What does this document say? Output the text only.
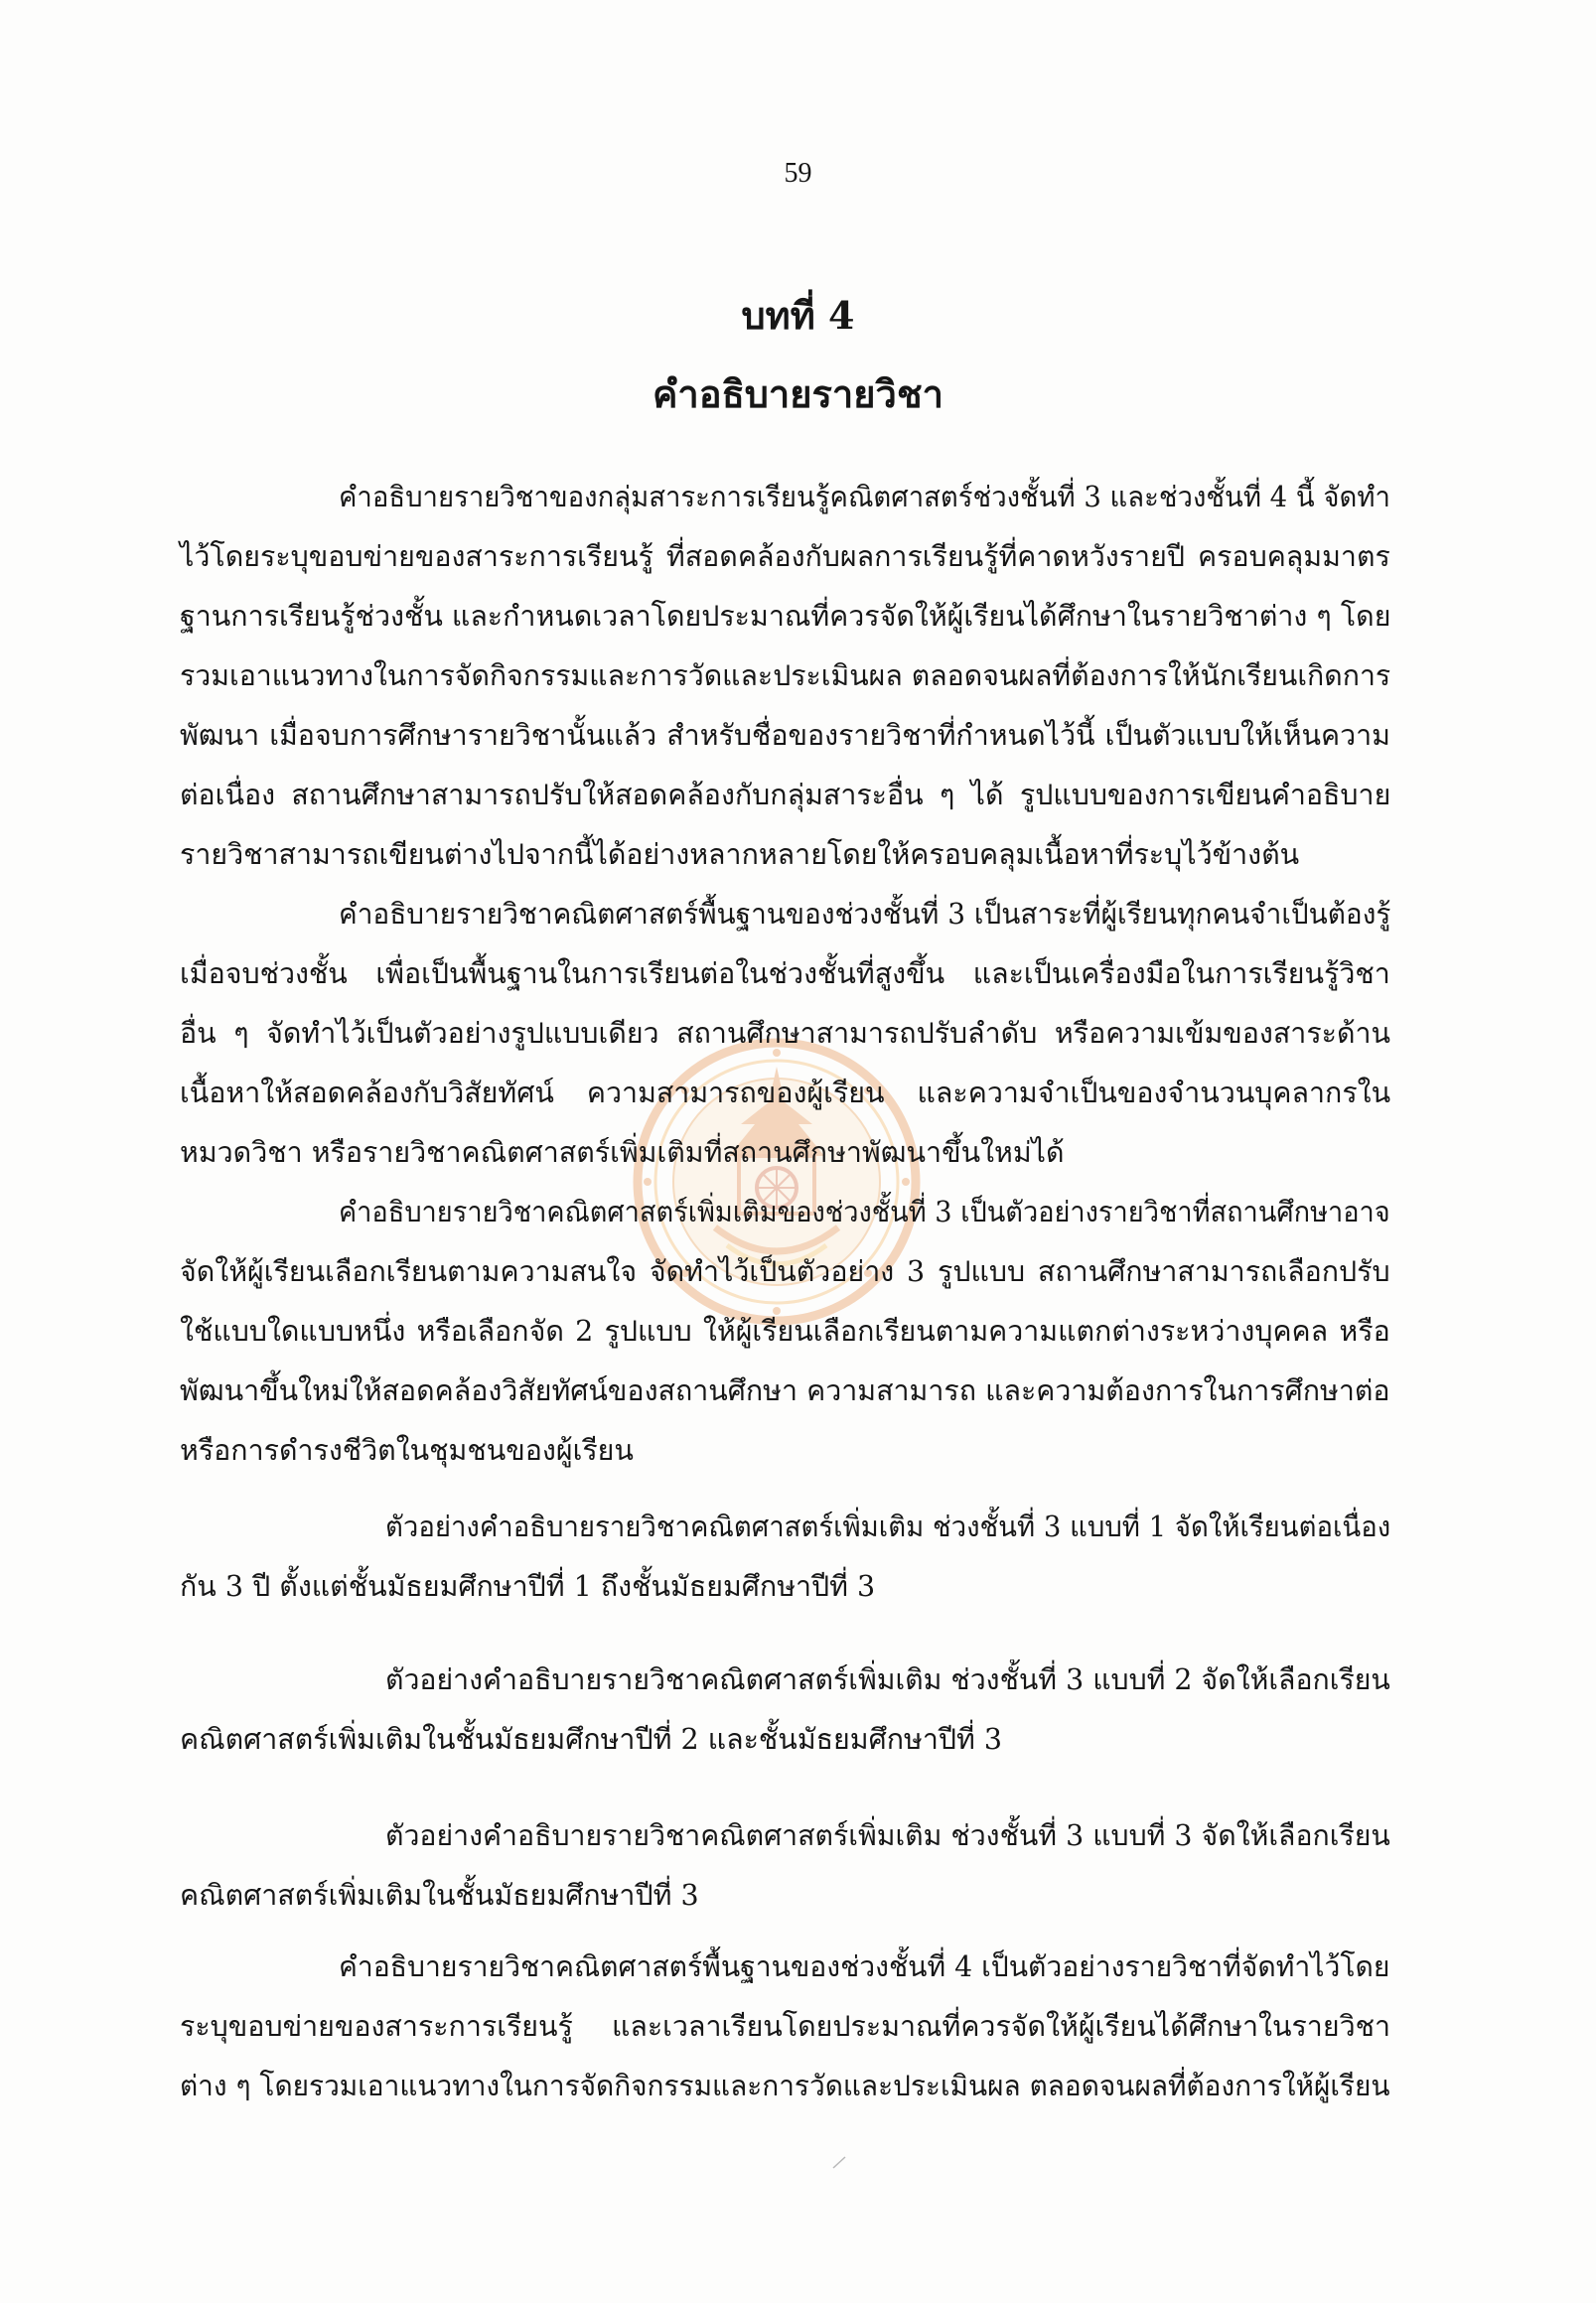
59
บทที่ 4
คำอธิบายรายวิชา
คำอธิบายรายวิชาของกลุ่มสาระการเรียนรู้คณิตศาสตร์ช่วงชั้นที่ 3 และช่วงชั้นที่ 4 นี้ จัดทำ
ไว้โดยระบุขอบข่ายของสาระการเรียนรู้ ที่สอดคล้องกับผลการเรียนรู้ที่คาดหวังรายปี ครอบคลุมมาตร
ฐานการเรียนรู้ช่วงชั้น และกำหนดเวลาโดยประมาณที่ควรจัดให้ผู้เรียนได้ศึกษาในรายวิชาต่าง ๆ โดย
รวมเอาแนวทางในการจัดกิจกรรมและการวัดและประเมินผล ตลอดจนผลที่ต้องการให้นักเรียนเกิดการ
พัฒนา เมื่อจบการศึกษารายวิชานั้นแล้ว สำหรับชื่อของรายวิชาที่กำหนดไว้นี้ เป็นตัวแบบให้เห็นความ
ต่อเนื่อง สถานศึกษาสามารถปรับให้สอดคล้องกับกลุ่มสาระอื่น ๆ ได้ รูปแบบของการเขียนคำอธิบาย
รายวิชาสามารถเขียนต่างไปจากนี้ได้อย่างหลากหลายโดยให้ครอบคลุมเนื้อหาที่ระบุไว้ข้างต้น
คำอธิบายรายวิชาคณิตศาสตร์พื้นฐานของช่วงชั้นที่ 3 เป็นสาระที่ผู้เรียนทุกคนจำเป็นต้องรู้
เมื่อจบช่วงชั้น เพื่อเป็นพื้นฐานในการเรียนต่อในช่วงชั้นที่สูงขึ้น และเป็นเครื่องมือในการเรียนรู้วิชา
อื่น ๆ จัดทำไว้เป็นตัวอย่างรูปแบบเดียว สถานศึกษาสามารถปรับลำดับ หรือความเข้มของสาระด้าน
เนื้อหาให้สอดคล้องกับวิสัยทัศน์ ความสามารถของผู้เรียน และความจำเป็นของจำนวนบุคลากรใน
หมวดวิชา หรือรายวิชาคณิตศาสตร์เพิ่มเติมที่สถานศึกษาพัฒนาขึ้นใหม่ได้
คำอธิบายรายวิชาคณิตศาสตร์เพิ่มเติมของช่วงชั้นที่ 3 เป็นตัวอย่างรายวิชาที่สถานศึกษาอาจ
จัดให้ผู้เรียนเลือกเรียนตามความสนใจ จัดทำไว้เป็นตัวอย่าง 3 รูปแบบ สถานศึกษาสามารถเลือกปรับ
ใช้แบบใดแบบหนึ่ง หรือเลือกจัด 2 รูปแบบ ให้ผู้เรียนเลือกเรียนตามความแตกต่างระหว่างบุคคล หรือ
พัฒนาขึ้นใหม่ให้สอดคล้องวิสัยทัศน์ของสถานศึกษา ความสามารถ และความต้องการในการศึกษาต่อ
หรือการดำรงชีวิตในชุมชนของผู้เรียน
ตัวอย่างคำอธิบายรายวิชาคณิตศาสตร์เพิ่มเติม ช่วงชั้นที่ 3 แบบที่ 1 จัดให้เรียนต่อเนื่อง
กัน 3 ปี ตั้งแต่ชั้นมัธยมศึกษาปีที่ 1 ถึงชั้นมัธยมศึกษาปีที่ 3
ตัวอย่างคำอธิบายรายวิชาคณิตศาสตร์เพิ่มเติม ช่วงชั้นที่ 3 แบบที่ 2 จัดให้เลือกเรียน
คณิตศาสตร์เพิ่มเติมในชั้นมัธยมศึกษาปีที่ 2 และชั้นมัธยมศึกษาปีที่ 3
ตัวอย่างคำอธิบายรายวิชาคณิตศาสตร์เพิ่มเติม ช่วงชั้นที่ 3 แบบที่ 3 จัดให้เลือกเรียน
คณิตศาสตร์เพิ่มเติมในชั้นมัธยมศึกษาปีที่ 3
คำอธิบายรายวิชาคณิตศาสตร์พื้นฐานของช่วงชั้นที่ 4 เป็นตัวอย่างรายวิชาที่จัดทำไว้โดย
ระบุขอบข่ายของสาระการเรียนรู้ และเวลาเรียนโดยประมาณที่ควรจัดให้ผู้เรียนได้ศึกษาในรายวิชา
ต่าง ๆ โดยรวมเอาแนวทางในการจัดกิจกรรมและการวัดและประเมินผล ตลอดจนผลที่ต้องการให้ผู้เรียน
